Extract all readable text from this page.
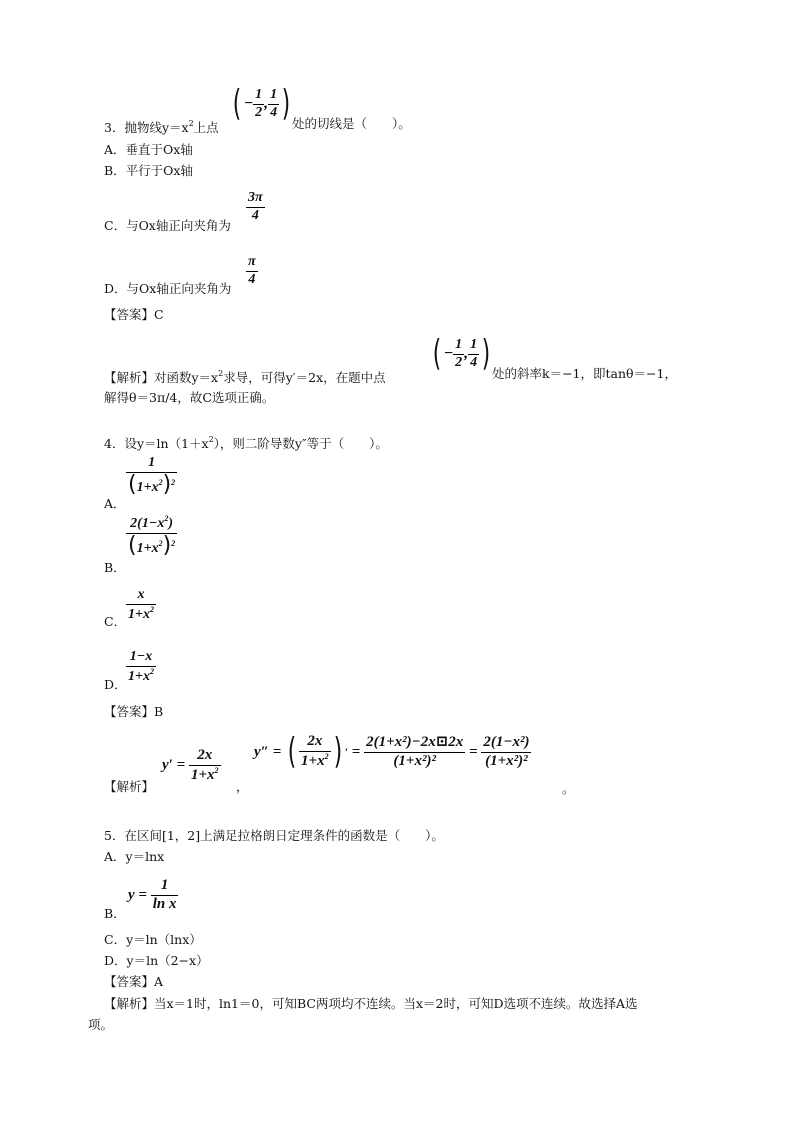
3．抛物线$y=x^2$上点
( − $\frac{1}{2}$ , $\frac{1}{4}$ ) 处的切线是（　　）。
A．垂直于Ox轴
B．平行于Ox轴
C．与Ox轴正向夹角为
$\frac{3\pi}{4}$
D．与Ox轴正向夹角为
$\frac{\pi}{4}$
【答案】C
【解析】对函数$y=x^2$求导，可得y′＝2x，在题中点
( − $\frac{1}{2}$ , $\frac{1}{4}$ ) 处的斜率k＝−1，即tanθ＝−1，
解得θ＝3π/4，故C选项正确。
4．设$y=\ln(1+x^2)$，则二阶导数y″等于（　　）。
A．
$\frac{1}{(1+x^2)^2}$
B．
$\frac{2(1-x^2)}{(1+x^2)^2}$
C． $\frac{x}{1+x^2}$
D．
$\frac{1-x}{1+x^2}$
【答案】B
【解析】
y′ =
$\frac{2x}{1+x^2}$
，
y″ =
( $\frac{2x}{1+x^2}$ ) ′ = $\frac{\text{2(1+x²)−2x⊡2x}}{\text{(1+x²)²}} = \frac{\text{2(1−x²)}}{\text{(1+x²)²}}$
。
5．在区间[1，2]上满足拉格朗日定理条件的函数是（　　）。
A．y＝lnx
B．
y =
$\frac{1}{\text{ln x}}$
C．y＝ln（lnx）
D．y＝ln（2−x）
【答案】A
【解析】当x＝1时，ln1＝0，可知BC两项均不连续。当x＝2时，可知D选项不连续。故选择A选
项。
